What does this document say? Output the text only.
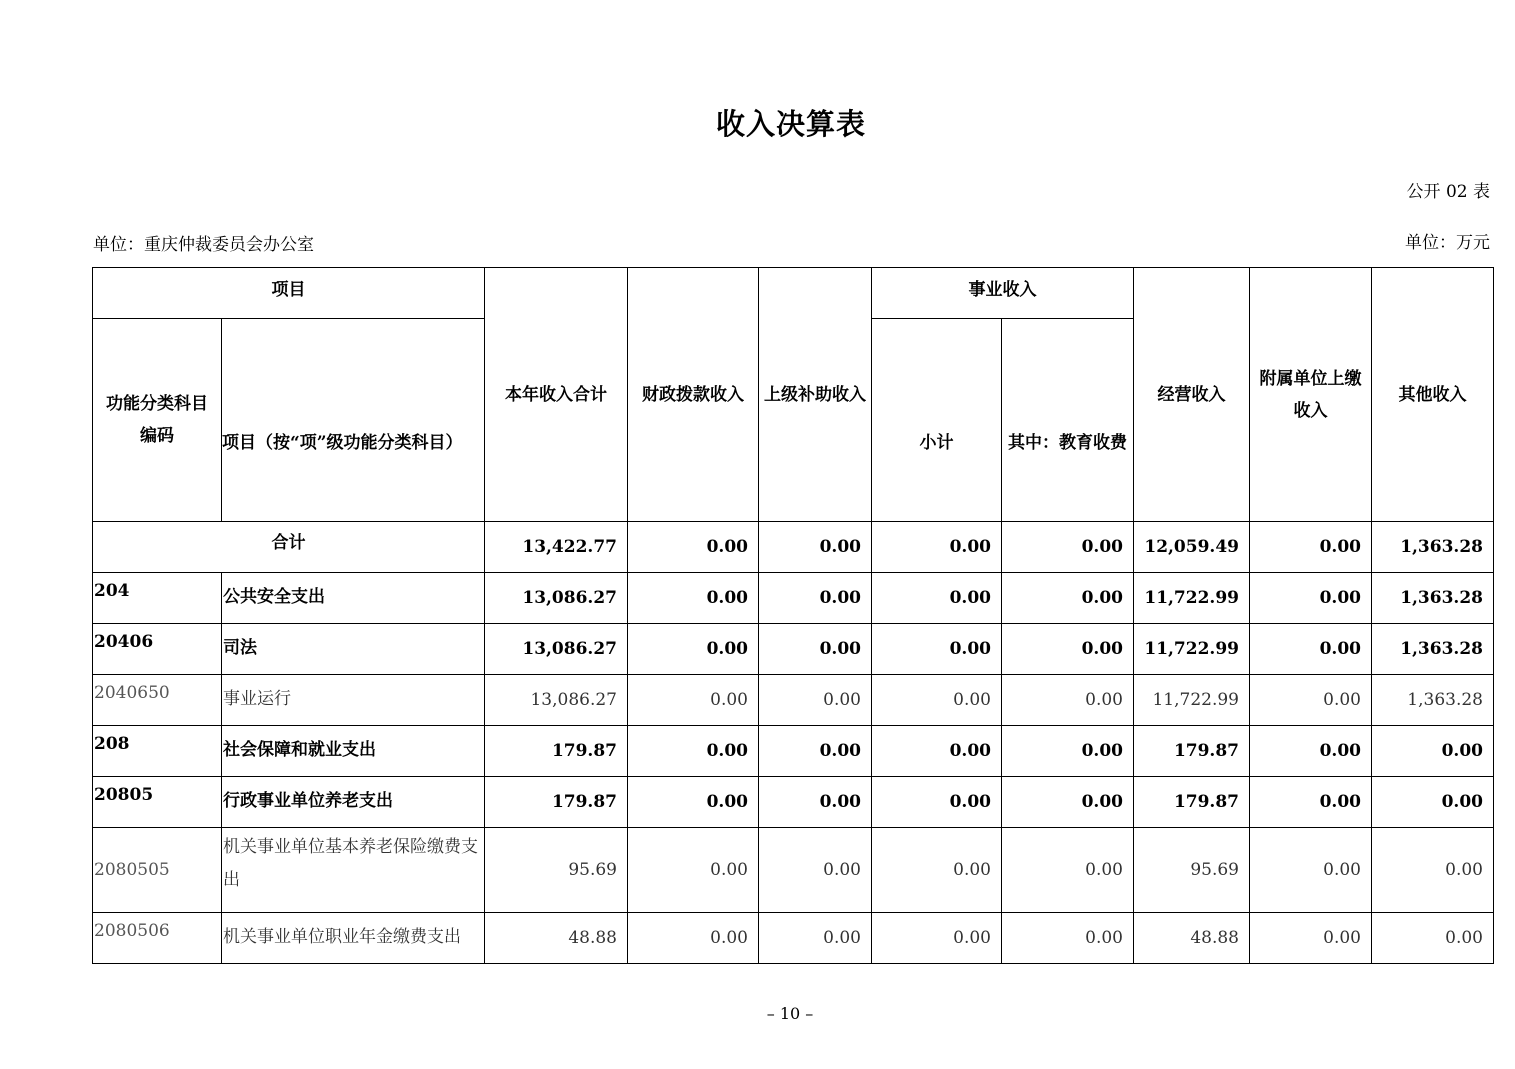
收入决算表
公开 02 表
单位：重庆仲裁委员会办公室	单位：万元
项目		本年收入合计	财政拨款收入	上级补助收入	事业收入		经营收入	附属单位上缴收入	其他收入
功能分类科目编码	项目（按“项”级功能分类科目）				小计	其中：教育收费			
合计		13,422.77	0.00	0.00	0.00	0.00	12,059.49	0.00	1,363.28
204	公共安全支出	13,086.27	0.00	0.00	0.00	0.00	11,722.99	0.00	1,363.28
20406	司法	13,086.27	0.00	0.00	0.00	0.00	11,722.99	0.00	1,363.28
2040650	事业运行	13,086.27	0.00	0.00	0.00	0.00	11,722.99	0.00	1,363.28
208	社会保障和就业支出	179.87	0.00	0.00	0.00	0.00	179.87	0.00	0.00
20805	行政事业单位养老支出	179.87	0.00	0.00	0.00	0.00	179.87	0.00	0.00
2080505	机关事业单位基本养老保险缴费支出	95.69	0.00	0.00	0.00	0.00	95.69	0.00	0.00
2080506	机关事业单位职业年金缴费支出	48.88	0.00	0.00	0.00	0.00	48.88	0.00	0.00
– 10 –
